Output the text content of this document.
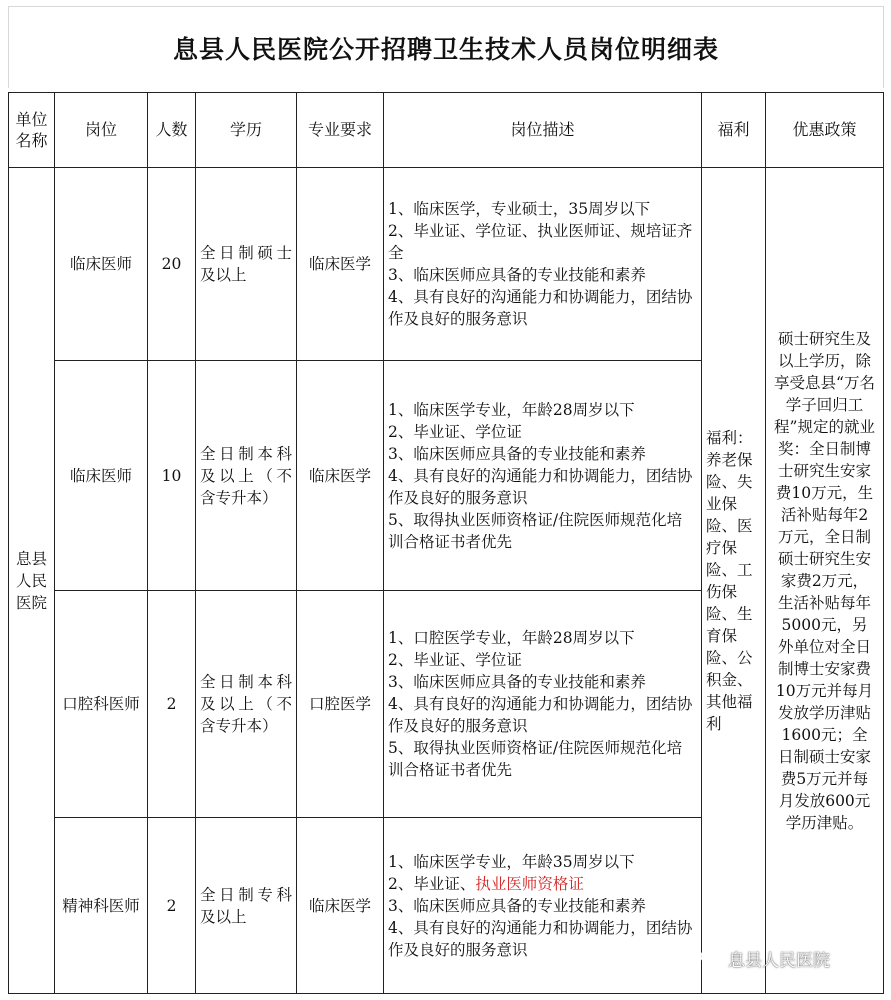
息县人民医院公开招聘卫生技术人员岗位明细表
单位名称	岗位	人数	学历	专业要求	岗位描述	福利	优惠政策
息县人民医院	临床医师	20	全日制硕士及以上	临床医学	1、临床医学，专业硕士，35周岁以下
2、毕业证、学位证、执业医师证、规培证齐全
3、临床医师应具备的专业技能和素养
4、具有良好的沟通能力和协调能力，团结协作及良好的服务意识	福利：养老保险、失业保险、医疗保险、工伤保险、生育保险、公积金、其他福利	硕士研究生及以上学历，除享受息县“万名学子回归工程”规定的就业奖：全日制博士研究生安家费10万元，生活补贴每年2万元，全日制硕士研究生安家费2万元，生活补贴每年5000元，另外单位对全日制博士安家费10万元并每月发放学历津贴1600元；全日制硕士安家费5万元并每月发放600元学历津贴。
	临床医师	10	全日制本科及以上（不含专升本）	临床医学	1、临床医学专业，年龄28周岁以下
2、毕业证、学位证
3、临床医师应具备的专业技能和素养
4、具有良好的沟通能力和协调能力，团结协作及良好的服务意识
5、取得执业医师资格证/住院医师规范化培训合格证书者优先		

	口腔科医师	2	全日制本科及以上（不含专升本）	口腔医学	1、口腔医学专业，年龄28周岁以下
2、毕业证、学位证
3、临床医师应具备的专业技能和素养
4、具有良好的沟通能力和协调能力，团结协作及良好的服务意识
5、取得执业医师资格证/住院医师规范化培训合格证书者优先		

	精神科医师	2	全日制专科及以上	临床医学	1、临床医学专业，年龄35周岁以下
2、毕业证、执业医师资格证
3、临床医师应具备的专业技能和素养
4、具有良好的沟通能力和协调能力，团结协作及良好的服务意识		
息县人民医院
